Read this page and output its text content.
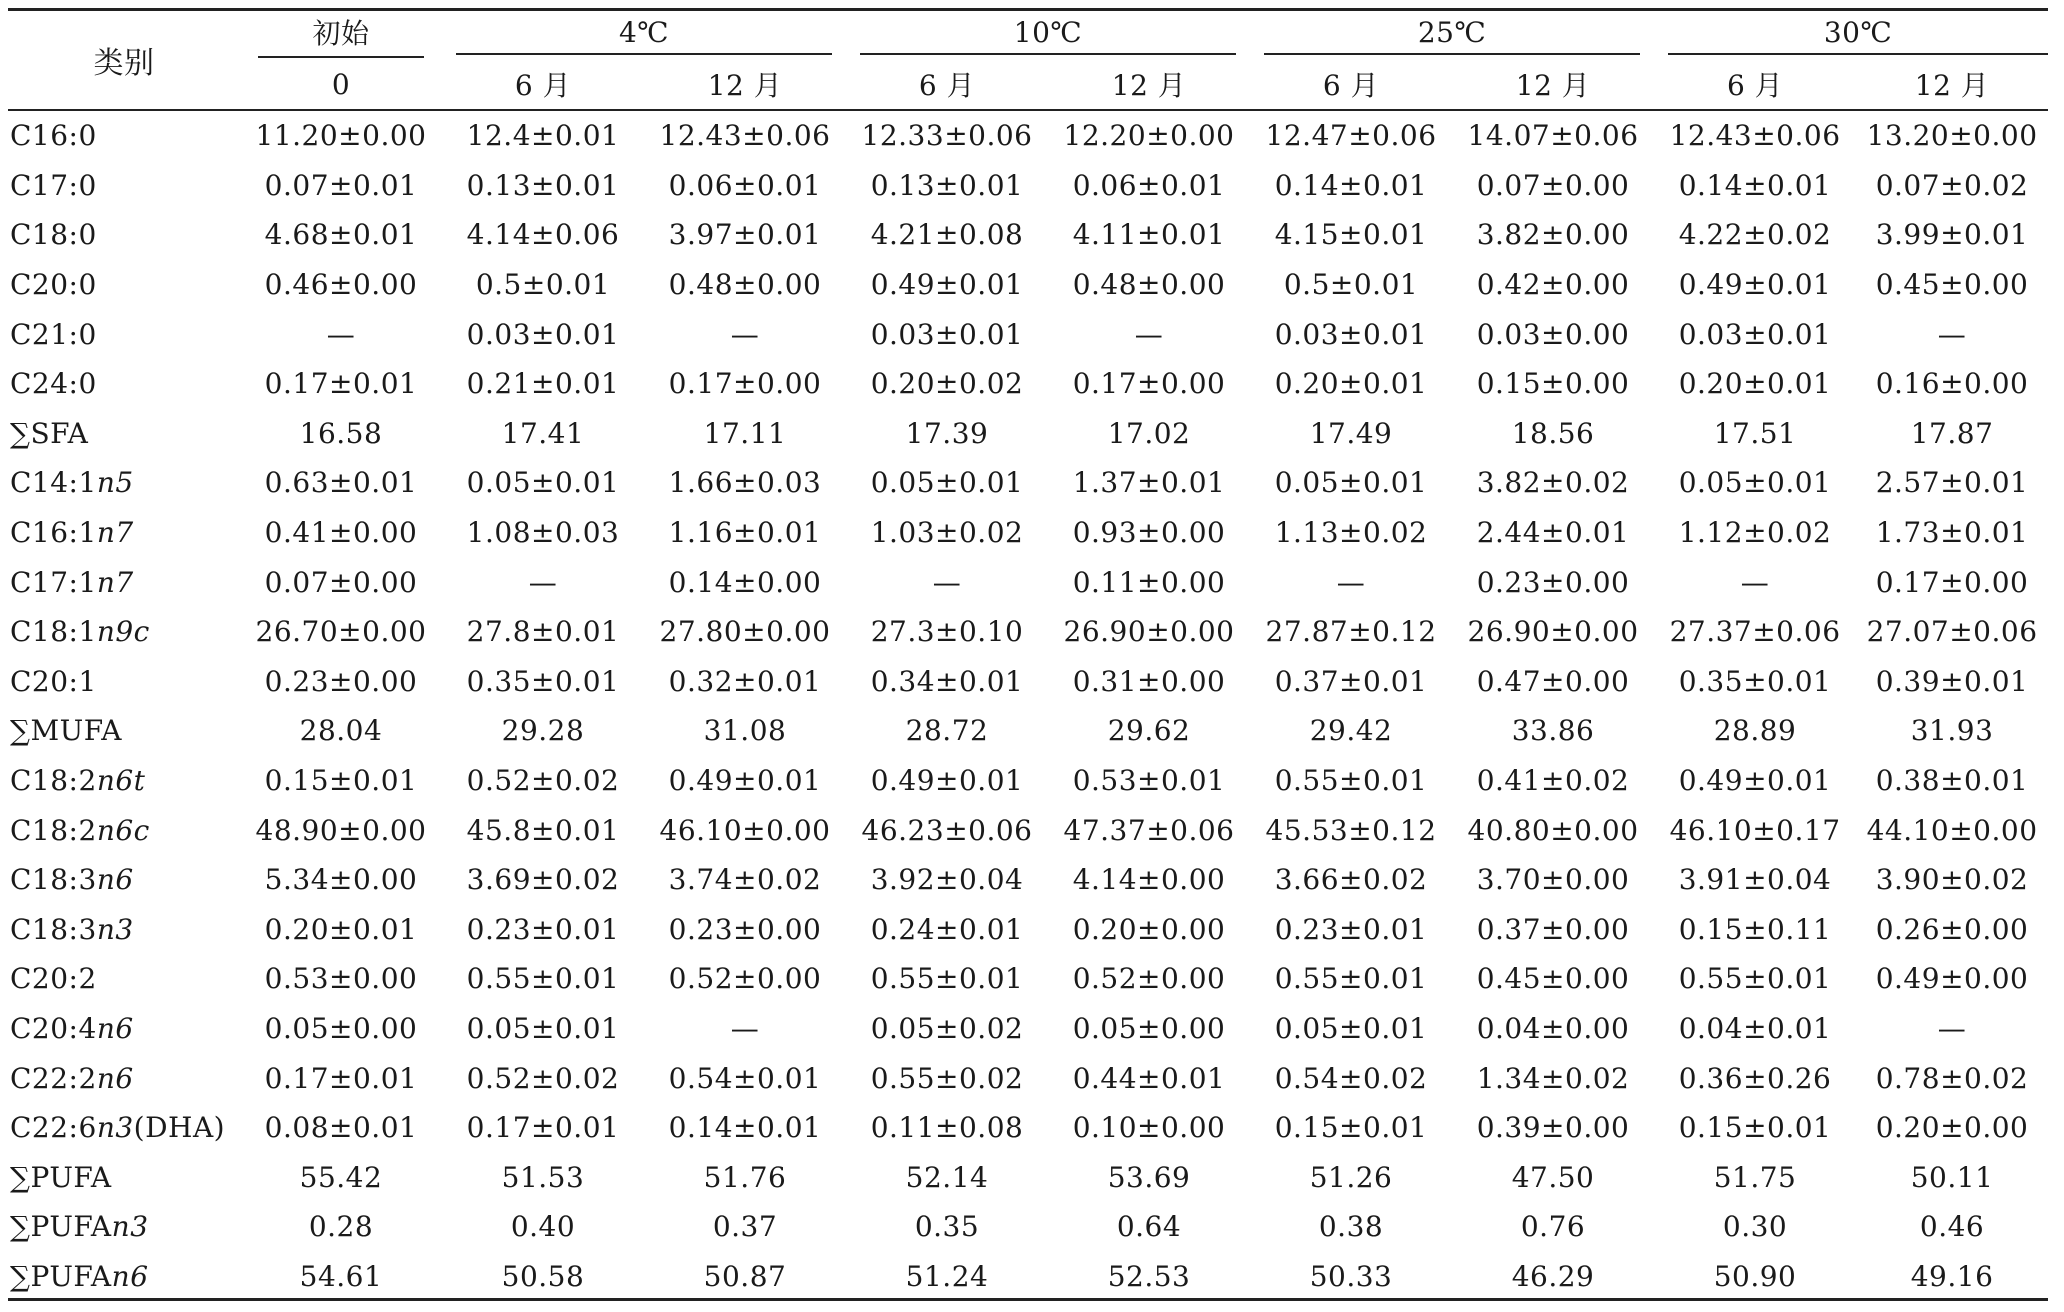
类别	初始	4℃		10℃		25℃		30℃	

	0	6 月	12 月	6 月	12 月	6 月	12 月	6 月	12 月
C16:0	11.20±0.00	12.4±0.01	12.43±0.06	12.33±0.06	12.20±0.00	12.47±0.06	14.07±0.06	12.43±0.06	13.20±0.00
C17:0	0.07±0.01	0.13±0.01	0.06±0.01	0.13±0.01	0.06±0.01	0.14±0.01	0.07±0.00	0.14±0.01	0.07±0.02
C18:0	4.68±0.01	4.14±0.06	3.97±0.01	4.21±0.08	4.11±0.01	4.15±0.01	3.82±0.00	4.22±0.02	3.99±0.01
C20:0	0.46±0.00	0.5±0.01	0.48±0.00	0.49±0.01	0.48±0.00	0.5±0.01	0.42±0.00	0.49±0.01	0.45±0.00
C21:0	—	0.03±0.01	—	0.03±0.01	—	0.03±0.01	0.03±0.00	0.03±0.01	—
C24:0	0.17±0.01	0.21±0.01	0.17±0.00	0.20±0.02	0.17±0.00	0.20±0.01	0.15±0.00	0.20±0.01	0.16±0.00
∑SFA	16.58	17.41	17.11	17.39	17.02	17.49	18.56	17.51	17.87
C14:1n5	0.63±0.01	0.05±0.01	1.66±0.03	0.05±0.01	1.37±0.01	0.05±0.01	3.82±0.02	0.05±0.01	2.57±0.01
C16:1n7	0.41±0.00	1.08±0.03	1.16±0.01	1.03±0.02	0.93±0.00	1.13±0.02	2.44±0.01	1.12±0.02	1.73±0.01
C17:1n7	0.07±0.00	—	0.14±0.00	—	0.11±0.00	—	0.23±0.00	—	0.17±0.00
C18:1n9c	26.70±0.00	27.8±0.01	27.80±0.00	27.3±0.10	26.90±0.00	27.87±0.12	26.90±0.00	27.37±0.06	27.07±0.06
C20:1	0.23±0.00	0.35±0.01	0.32±0.01	0.34±0.01	0.31±0.00	0.37±0.01	0.47±0.00	0.35±0.01	0.39±0.01
∑MUFA	28.04	29.28	31.08	28.72	29.62	29.42	33.86	28.89	31.93
C18:2n6t	0.15±0.01	0.52±0.02	0.49±0.01	0.49±0.01	0.53±0.01	0.55±0.01	0.41±0.02	0.49±0.01	0.38±0.01
C18:2n6c	48.90±0.00	45.8±0.01	46.10±0.00	46.23±0.06	47.37±0.06	45.53±0.12	40.80±0.00	46.10±0.17	44.10±0.00
C18:3n6	5.34±0.00	3.69±0.02	3.74±0.02	3.92±0.04	4.14±0.00	3.66±0.02	3.70±0.00	3.91±0.04	3.90±0.02
C18:3n3	0.20±0.01	0.23±0.01	0.23±0.00	0.24±0.01	0.20±0.00	0.23±0.01	0.37±0.00	0.15±0.11	0.26±0.00
C20:2	0.53±0.00	0.55±0.01	0.52±0.00	0.55±0.01	0.52±0.00	0.55±0.01	0.45±0.00	0.55±0.01	0.49±0.00
C20:4n6	0.05±0.00	0.05±0.01	—	0.05±0.02	0.05±0.00	0.05±0.01	0.04±0.00	0.04±0.01	—
C22:2n6	0.17±0.01	0.52±0.02	0.54±0.01	0.55±0.02	0.44±0.01	0.54±0.02	1.34±0.02	0.36±0.26	0.78±0.02
C22:6n3(DHA)	0.08±0.01	0.17±0.01	0.14±0.01	0.11±0.08	0.10±0.00	0.15±0.01	0.39±0.00	0.15±0.01	0.20±0.00
∑PUFA	55.42	51.53	51.76	52.14	53.69	51.26	47.50	51.75	50.11
∑PUFAn3	0.28	0.40	0.37	0.35	0.64	0.38	0.76	0.30	0.46
∑PUFAn6	54.61	50.58	50.87	51.24	52.53	50.33	46.29	50.90	49.16
